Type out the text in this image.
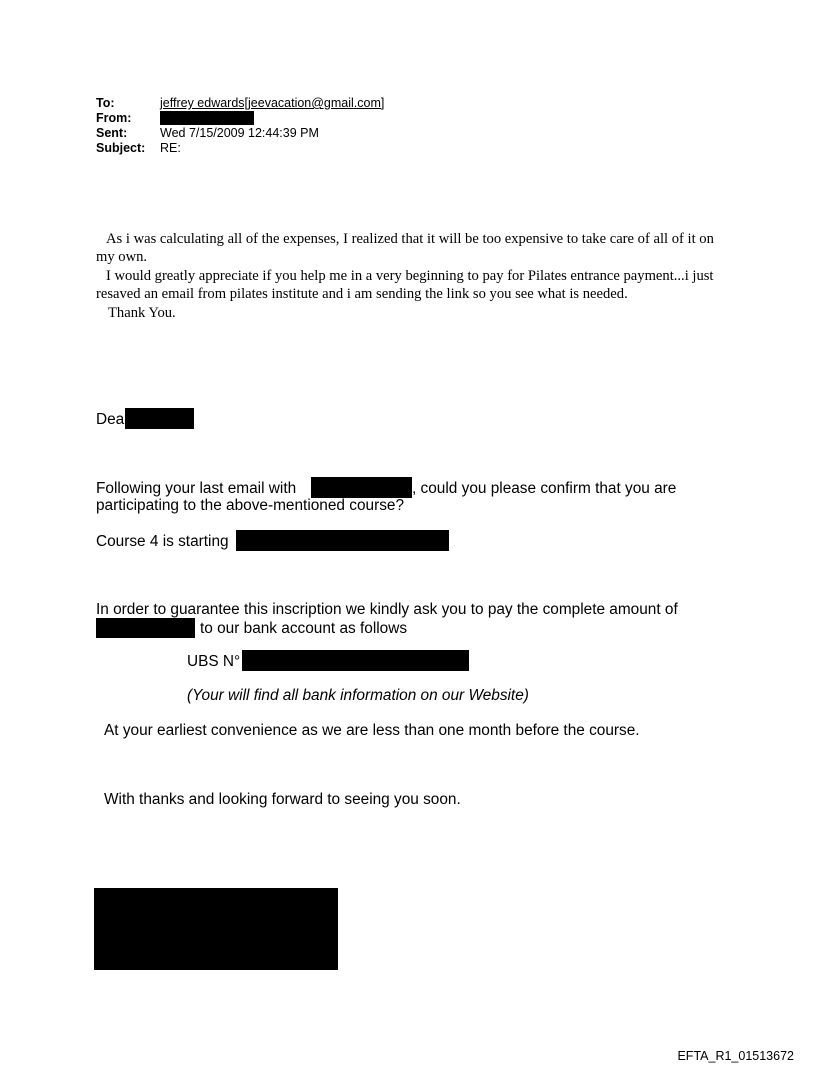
To:	jeffrey edwards[jeevacation@gmail.com]
From:
Sent:	Wed 7/15/2009 12:44:39 PM
Subject: RE:

As i was calculating all of the expenses, I realized that it will be too expensive to take care of all of it on my own.

I would greatly appreciate if you help me in a very beginning to pay for Pilates entrance payment...i just resaved an email from pilates institute and i am sending the link so you see what is needed.

Thank You.

Dea
Following your last email with	, could you please confirm that you are
participating to the above-mentioned course?
Course 4 is starting
In order to guarantee this inscription we kindly ask you to pay the complete amount of
to our bank account as follows
UBS N°
(Your will find all bank information on our Website)
At your earliest convenience as we are less than one month before the course.
With thanks and looking forward to seeing you soon.
EFTA_R1_01513672
